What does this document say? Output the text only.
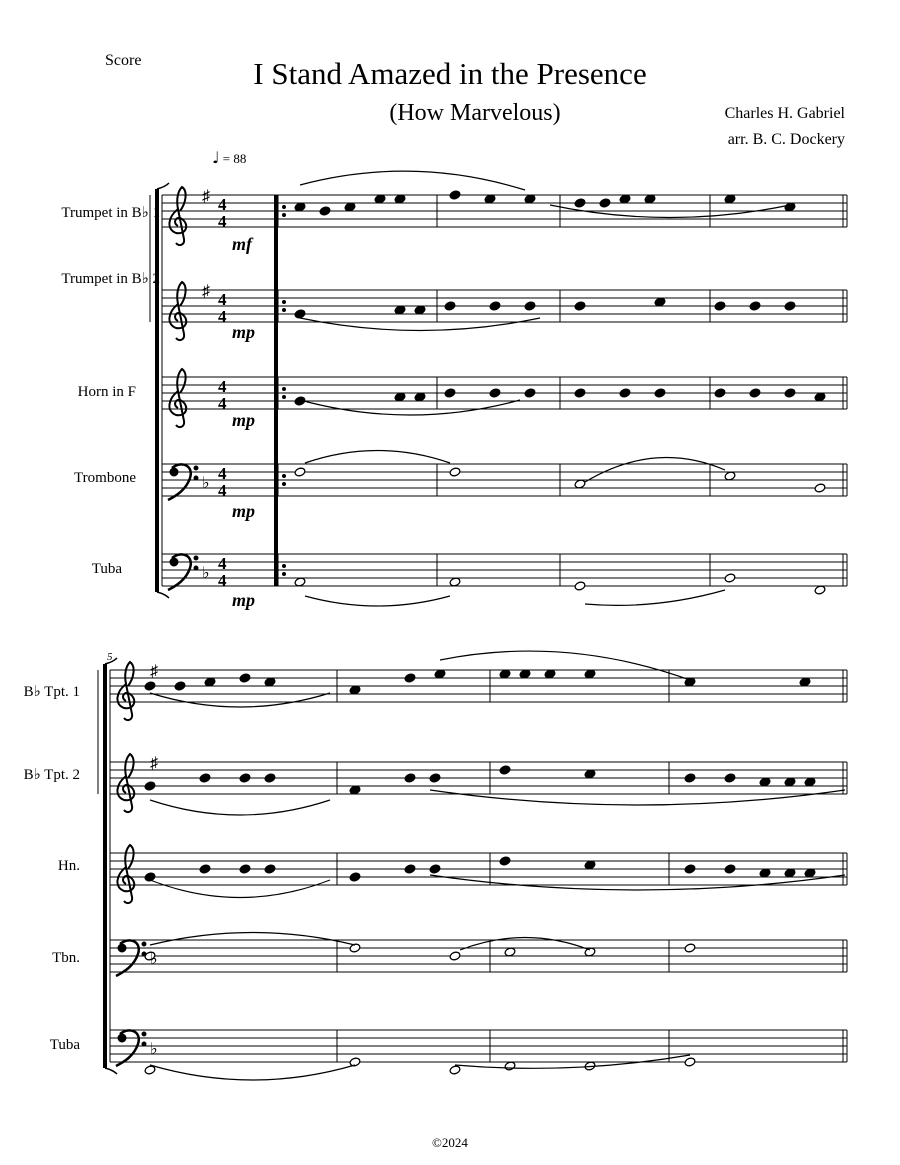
Score	I Stand Amazed in the Presence
(How Marvelous)	Charles H. Gabriel
arr. B. C. Dockery
♩ = 88
Trumpet in B♭ 1
Trumpet in B♭ 2
Horn in F
Trombone
Tuba
B♭ Tpt. 1
B♭ Tpt. 2
Hn.
Tbn.
Tuba
©2024
♯ 4
4
♯ 4
4
4
4
♭
4
4
♭
4
4
♯
♯
♭
♭
mf
mp
mp
mp
mp
5
